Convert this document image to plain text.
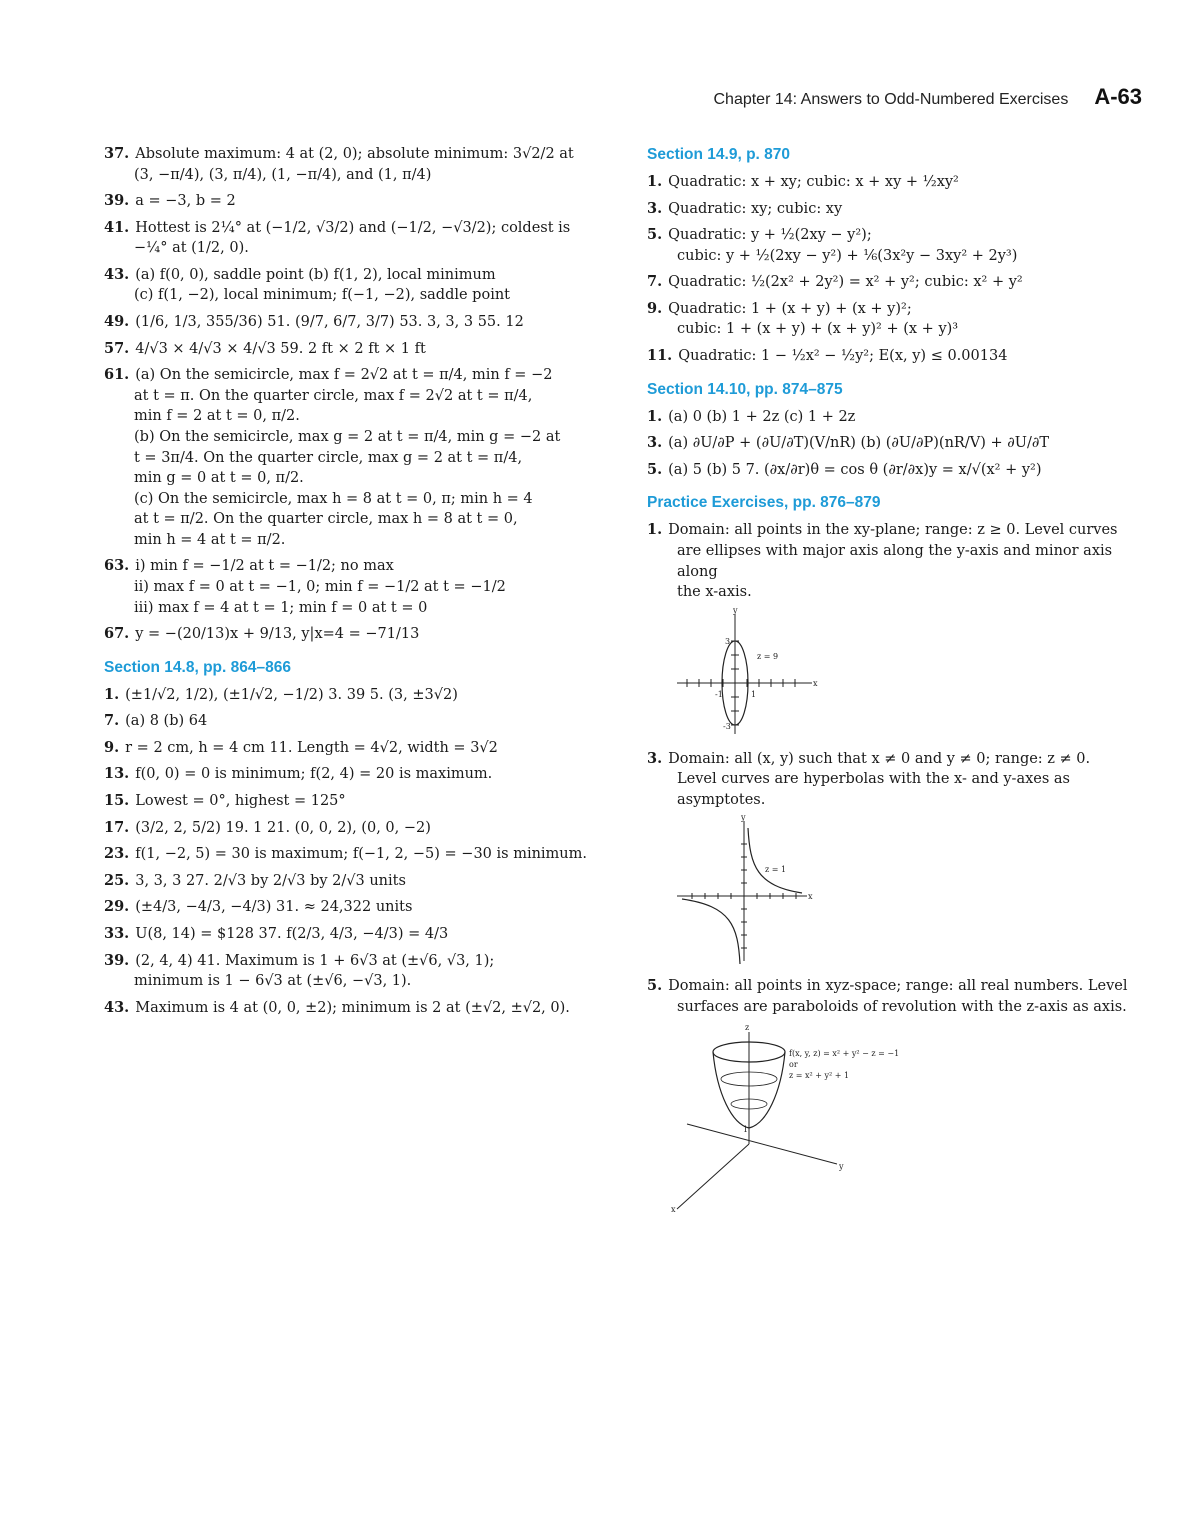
Chapter 14: Answers to Odd-Numbered Exercises A-63
37. Absolute maximum: 4 at (2, 0); absolute minimum: 3√2/2 at
(3, −π/4), (3, π/4), (1, −π/4), and (1, π/4)
39. a = −3, b = 2
41. Hottest is 2¼° at (−1/2, √3/2) and (−1/2, −√3/2); coldest is
−¼° at (1/2, 0).
43. (a) f(0, 0), saddle point (b) f(1, 2), local minimum
(c) f(1, −2), local minimum; f(−1, −2), saddle point
49. (1/6, 1/3, 355/36) 51. (9/7, 6/7, 3/7) 53. 3, 3, 3 55. 12
57. 4/√3 × 4/√3 × 4/√3 59. 2 ft × 2 ft × 1 ft
61. (a) On the semicircle, max f = 2√2 at t = π/4, min f = −2
at t = π. On the quarter circle, max f = 2√2 at t = π/4,
min f = 2 at t = 0, π/2.
(b) On the semicircle, max g = 2 at t = π/4, min g = −2 at
t = 3π/4. On the quarter circle, max g = 2 at t = π/4,
min g = 0 at t = 0, π/2.
(c) On the semicircle, max h = 8 at t = 0, π; min h = 4
at t = π/2. On the quarter circle, max h = 8 at t = 0,
min h = 4 at t = π/2.
63. i) min f = −1/2 at t = −1/2; no max
ii) max f = 0 at t = −1, 0; min f = −1/2 at t = −1/2
iii) max f = 4 at t = 1; min f = 0 at t = 0
67. y = −(20/13)x + 9/13, y|x=4 = −71/13
Section 14.8, pp. 864–866
1. (±1/√2, 1/2), (±1/√2, −1/2) 3. 39 5. (3, ±3√2)
7. (a) 8 (b) 64
9. r = 2 cm, h = 4 cm 11. Length = 4√2, width = 3√2
13. f(0, 0) = 0 is minimum; f(2, 4) = 20 is maximum.
15. Lowest = 0°, highest = 125°
17. (3/2, 2, 5/2) 19. 1 21. (0, 0, 2), (0, 0, −2)
23. f(1, −2, 5) = 30 is maximum; f(−1, 2, −5) = −30 is minimum.
25. 3, 3, 3 27. 2/√3 by 2/√3 by 2/√3 units
29. (±4/3, −4/3, −4/3) 31. ≈ 24,322 units
33. U(8, 14) = $128 37. f(2/3, 4/3, −4/3) = 4/3
39. (2, 4, 4) 41. Maximum is 1 + 6√3 at (±√6, √3, 1);
minimum is 1 − 6√3 at (±√6, −√3, 1).
43. Maximum is 4 at (0, 0, ±2); minimum is 2 at (±√2, ±√2, 0).
Section 14.9, p. 870
1. Quadratic: x + xy; cubic: x + xy + ½xy²
3. Quadratic: xy; cubic: xy
5. Quadratic: y + ½(2xy − y²);
cubic: y + ½(2xy − y²) + ⅙(3x²y − 3xy² + 2y³)
7. Quadratic: ½(2x² + 2y²) = x² + y²; cubic: x² + y²
9. Quadratic: 1 + (x + y) + (x + y)²;
cubic: 1 + (x + y) + (x + y)² + (x + y)³
11. Quadratic: 1 − ½x² − ½y²; E(x, y) ≤ 0.00134
Section 14.10, pp. 874–875
1. (a) 0 (b) 1 + 2z (c) 1 + 2z
3. (a) ∂U/∂P + (∂U/∂T)(V/nR) (b) (∂U/∂P)(nR/V) + ∂U/∂T
5. (a) 5 (b) 5 7. (∂x/∂r)θ = cos θ (∂r/∂x)y = x/√(x² + y²)
Practice Exercises, pp. 876–879
1. Domain: all points in the xy-plane; range: z ≥ 0. Level curves
are ellipses with major axis along the y-axis and minor axis along
the x-axis.
y
x
z = 9
3
-3
-1	1
3. Domain: all (x, y) such that x ≠ 0 and y ≠ 0; range: z ≠ 0.
Level curves are hyperbolas with the x- and y-axes as asymptotes.
y
x
z = 1
5. Domain: all points in xyz-space; range: all real numbers. Level
surfaces are paraboloids of revolution with the z-axis as axis.
z
y
x
1
f(x, y, z) = x² + y² − z = −1
or
z = x² + y² + 1
